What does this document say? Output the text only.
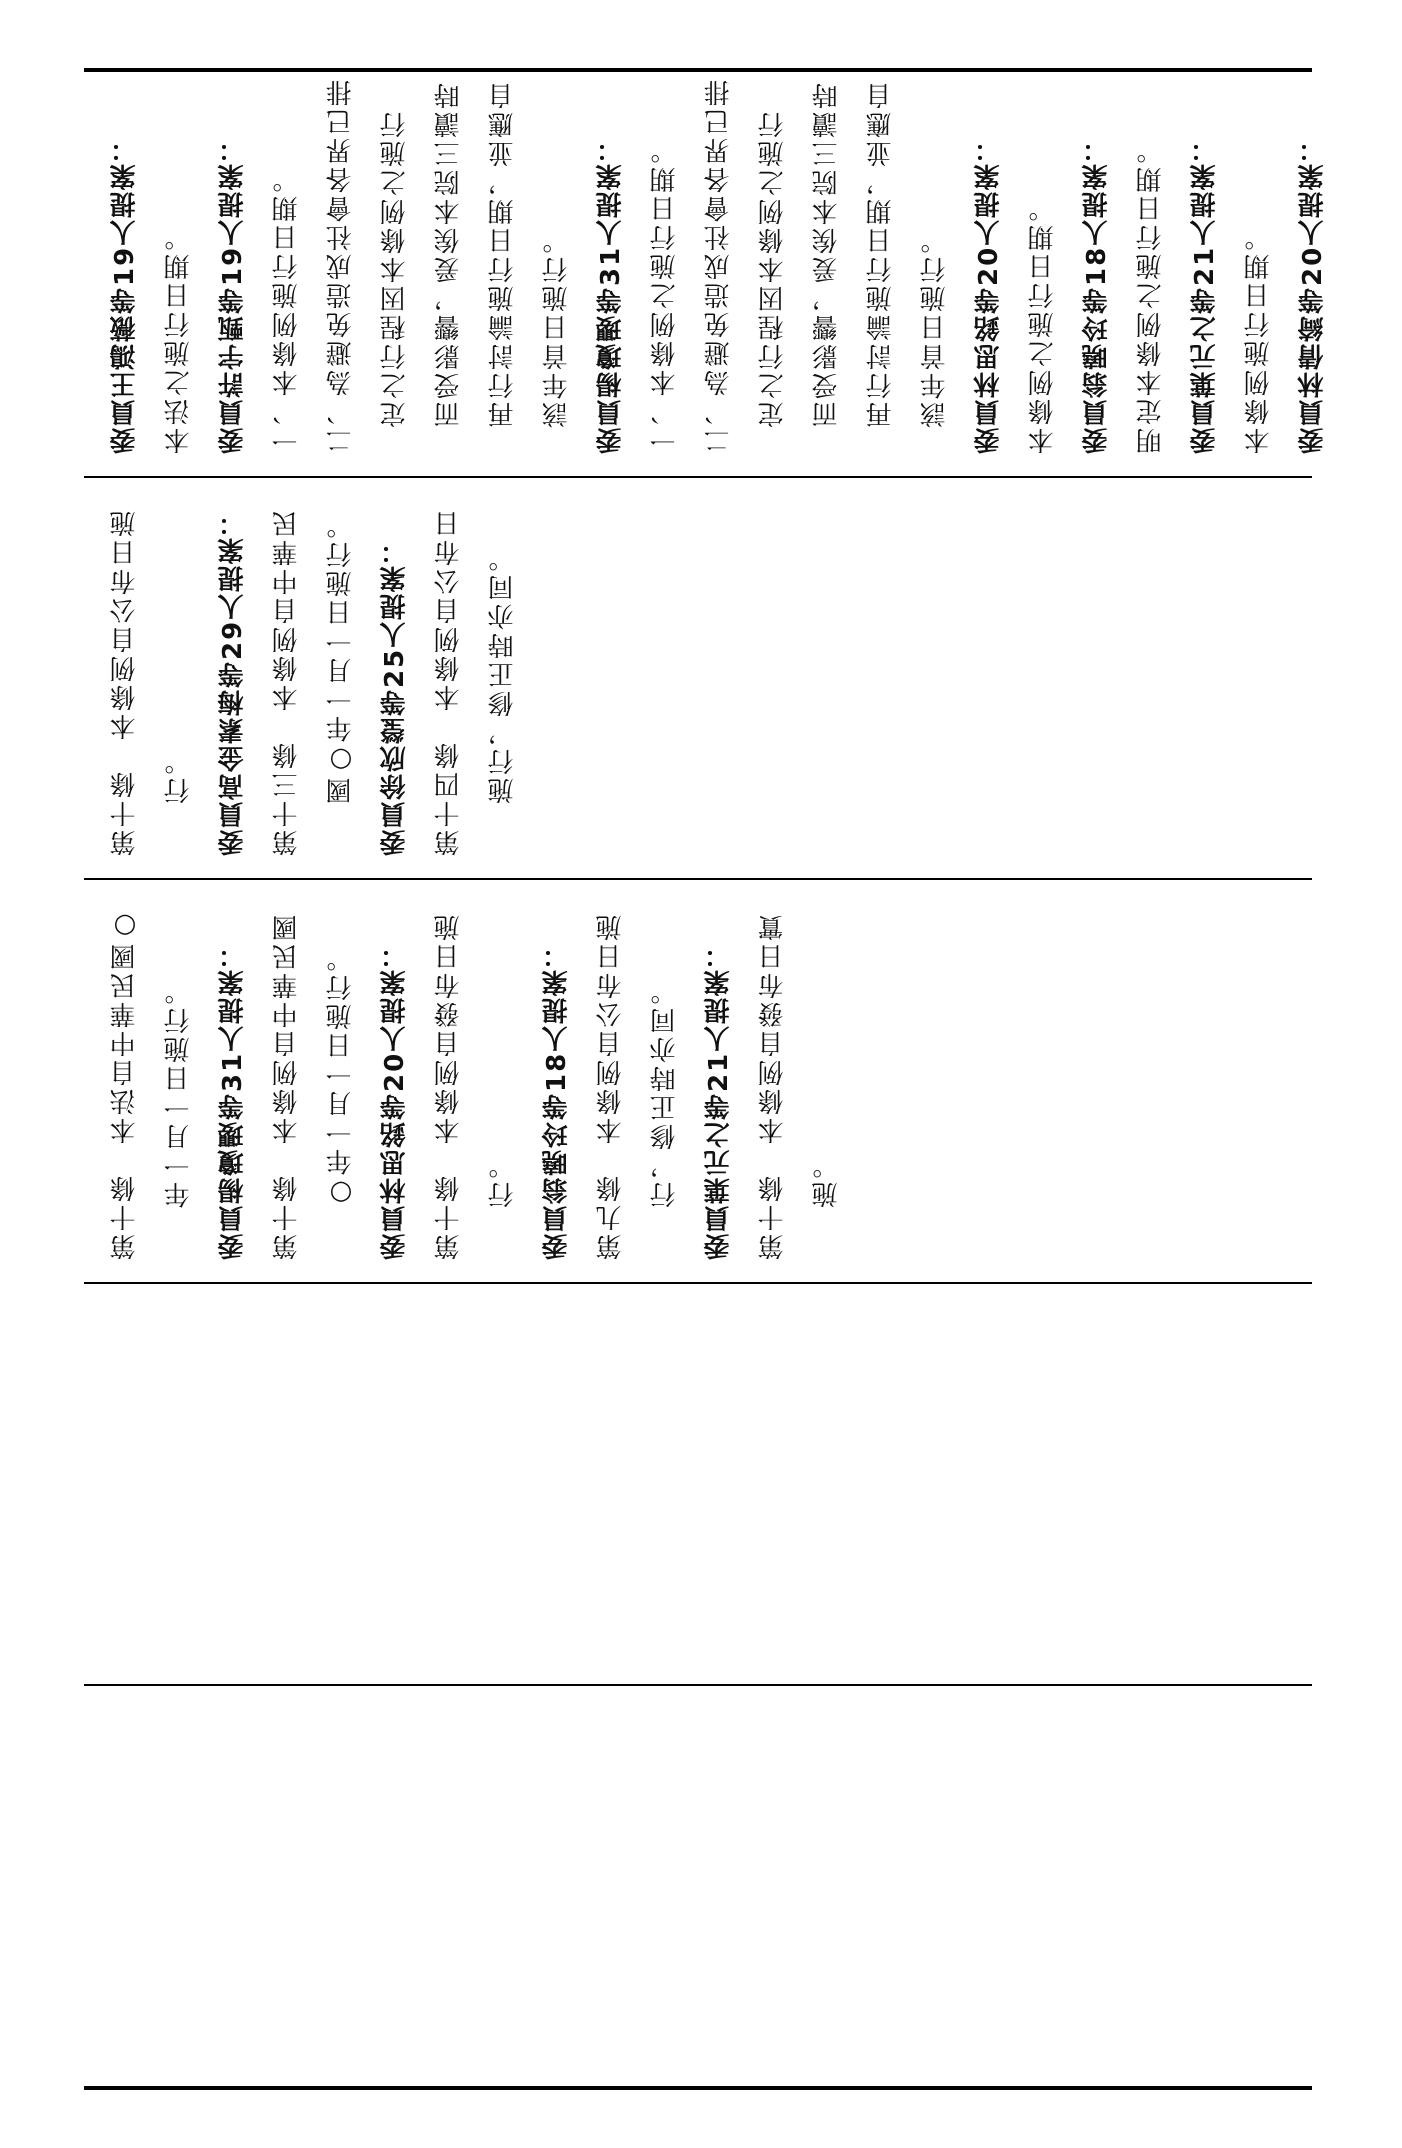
委員王鴻薇等19人提案： 本法之施行日期。 委員許宇甄等19人提案： 一、本條例施行日期。 二、為避免造成社會各界已排 定之行程因本條例之施行 而受影響，爰俟本院三讀時 再行討論施行日期，並應自 該年首日施行。 委員楊瓊瓔等31人提案： 一、本條例之施行日期。 二、為避免造成社會各界已排 定之行程因本條例之施行 而受影響，爰俟本院三讀時 再行討論施行日期，並應自 該年首日施行。 委員林思銘等20人提案： 本條例之施行日期。 委員翁曉玲等18人提案： 明定本條例之施行日期。 委員葉元之等21人提案： 本條例施行日期。 委員林倩綺等20人提案：
第十條　本條例自公布日施 行。 委員高金素梅等29人提案： 第十三條　本條例自中華民 國○年一月一日施行。 委員徐欣瑩等25人提案： 第十四條　本條例自公布日 施行，修正時亦同。
第十條　本法自中華民國○ 年一月一日施行。 委員楊瓊瓔等31人提案： 第十條　本條例自中華民國 ○年一月一日施行。 委員林思銘等20人提案： 第十條　本條例自發布日施 行。 委員翁曉玲等18人提案： 第九條　本條例自公布日施 行，修正時亦同。 委員葉元之等21人提案： 第十條　本條例自發布日實 施。
